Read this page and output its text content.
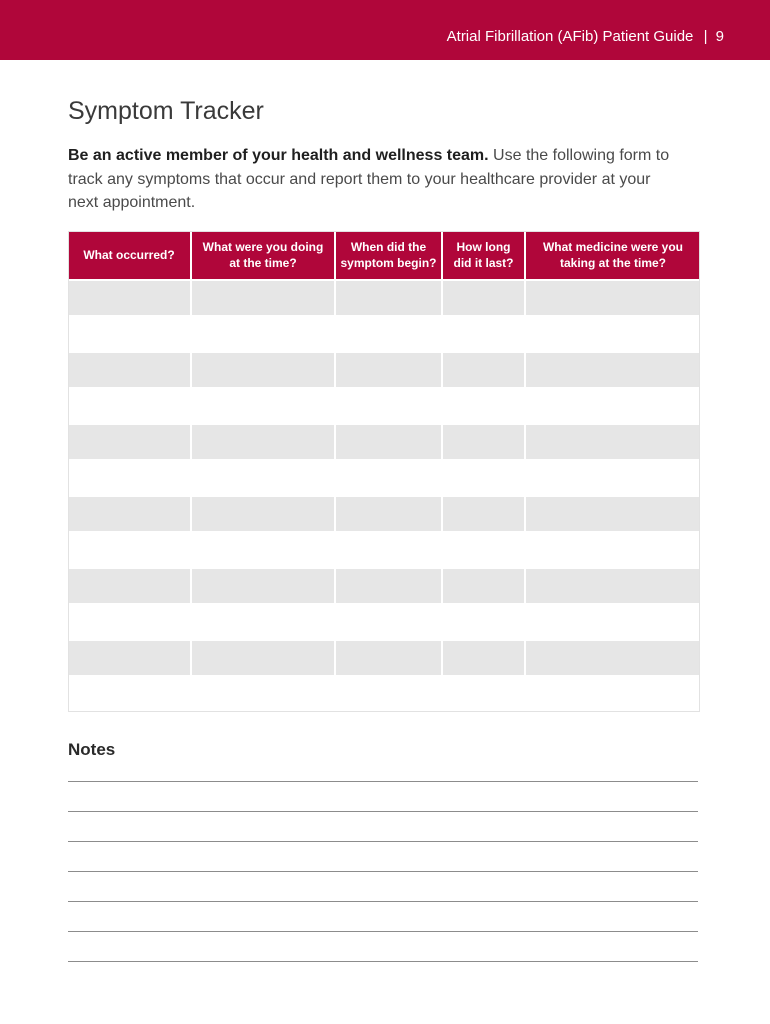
Atrial Fibrillation (AFib) Patient Guide | 9
Symptom Tracker

Be an active member of your health and wellness team. Use the following form to track any symptoms that occur and report them to your healthcare provider at your next appointment.

What occurred?	What were you doing at the time?	When did the symptom begin?	How long did it last?	What medicine were you taking at the time?

Notes
